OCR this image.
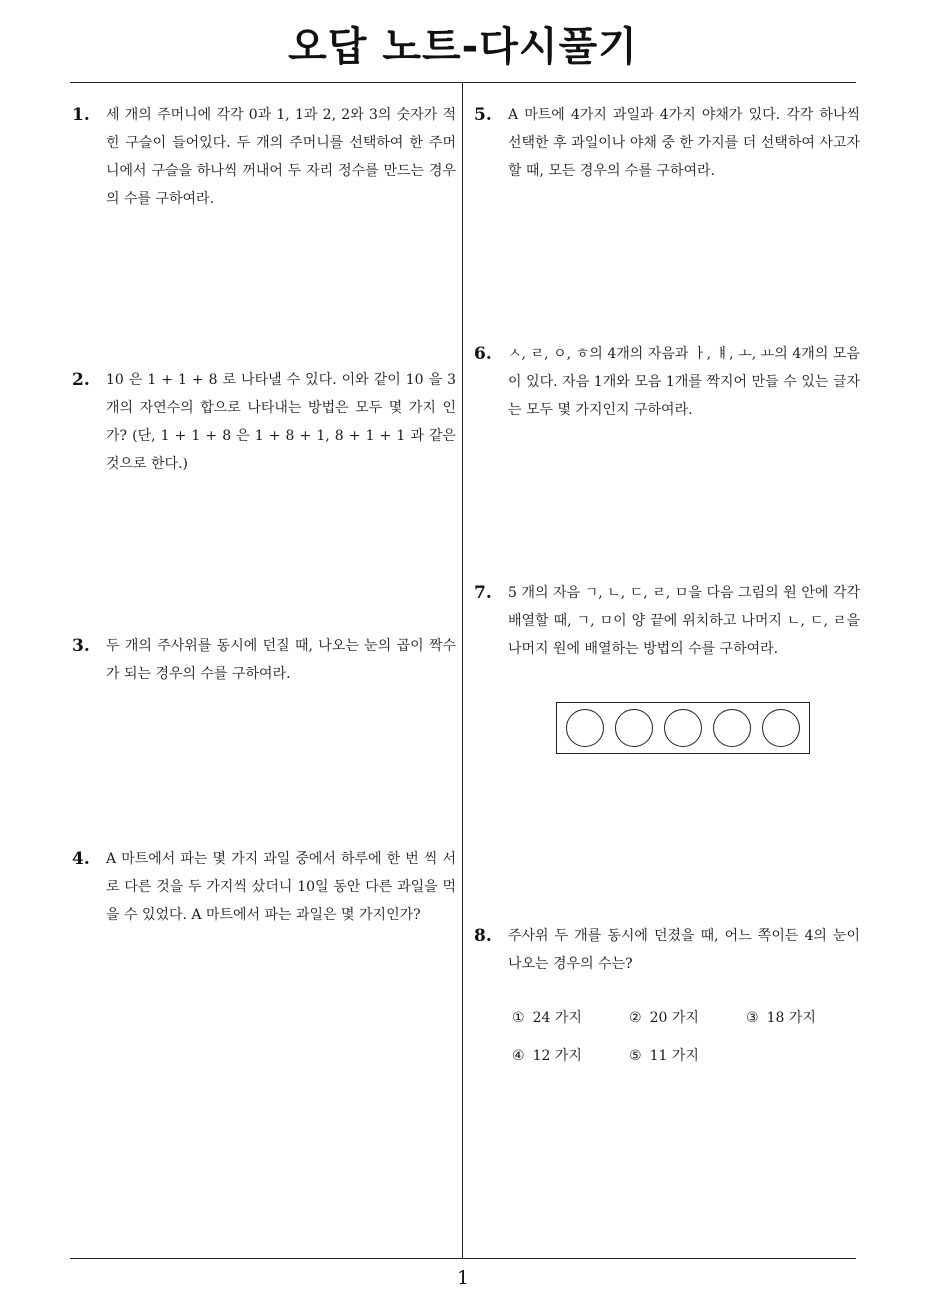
오답 노트-다시풀기
1. 세 개의 주머니에 각각 0과 1, 1과 2, 2와 3의 숫자가 적힌 구슬이 들어있다. 두 개의 주머니를 선택하여 한 주머니에서 구슬을 하나씩 꺼내어 두 자리 정수를 만드는 경우의 수를 구하여라.
2. 10 은 1 + 1 + 8 로 나타낼 수 있다. 이와 같이 10 을 3 개의 자연수의 합으로 나타내는 방법은 모두 몇 가지 인가? (단, 1 + 1 + 8 은 1 + 8 + 1, 8 + 1 + 1 과 같은 것으로 한다.)
3. 두 개의 주사위를 동시에 던질 때, 나오는 눈의 곱이 짝수가 되는 경우의 수를 구하여라.
4. A 마트에서 파는 몇 가지 과일 중에서 하루에 한 번 씩 서로 다른 것을 두 가지씩 샀더니 10일 동안 다른 과일을 먹을 수 있었다. A 마트에서 파는 과일은 몇 가지인가?
5. A 마트에 4가지 과일과 4가지 야채가 있다. 각각 하나씩 선택한 후 과일이나 야채 중 한 가지를 더 선택하여 사고자 할 때, 모든 경우의 수를 구하여라.
6. ㅅ, ㄹ, ㅇ, ㅎ의 4개의 자음과 ㅏ, ㅒ, ㅗ, ㅛ의 4개의 모음이 있다. 자음 1개와 모음 1개를 짝지어 만들 수 있는 글자는 모두 몇 가지인지 구하여라.
7. 5 개의 자음 ㄱ, ㄴ, ㄷ, ㄹ, ㅁ을 다음 그림의 원 안에 각각 배열할 때, ㄱ, ㅁ이 양 끝에 위치하고 나머지 ㄴ, ㄷ, ㄹ을 나머지 원에 배열하는 방법의 수를 구하여라.
8. 주사위 두 개를 동시에 던졌을 때, 어느 쪽이든 4의 눈이 나오는 경우의 수는?
① 24 가지	② 20 가지	③ 18 가지
④ 12 가지	⑤ 11 가지
1
